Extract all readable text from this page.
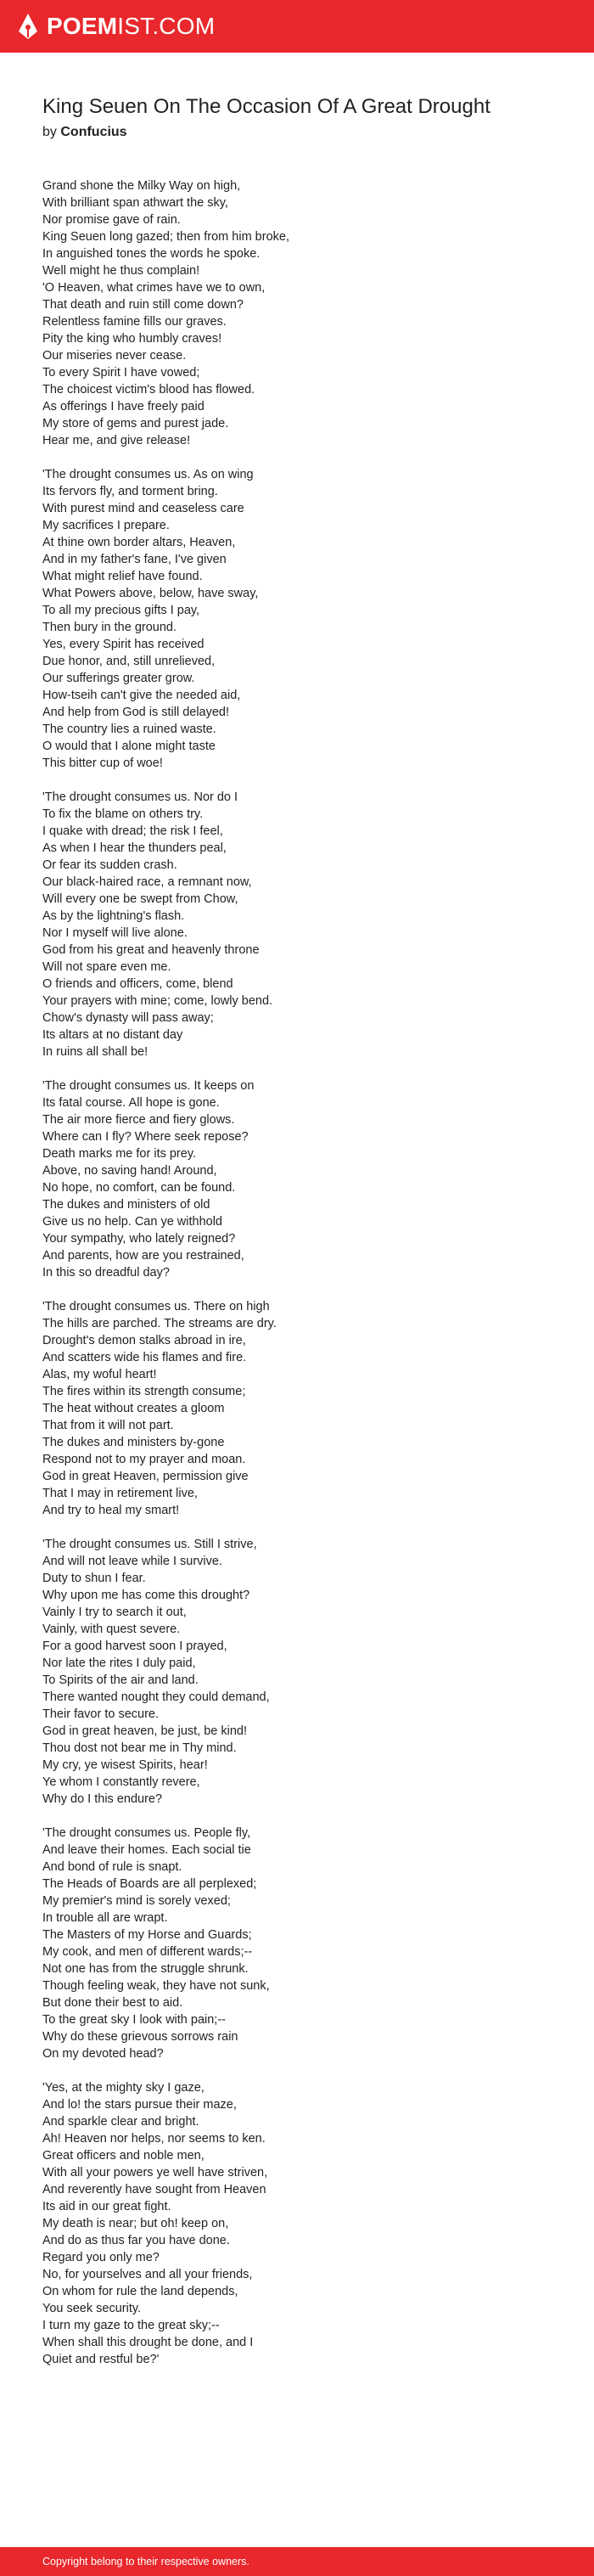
POEMIST.COM
King Seuen On The Occasion Of A Great Drought
by Confucius
Grand shone the Milky Way on high,
With brilliant span athwart the sky,
Nor promise gave of rain.
King Seuen long gazed; then from him broke,
In anguished tones the words he spoke.
Well might he thus complain!
'O Heaven, what crimes have we to own,
That death and ruin still come down?
Relentless famine fills our graves.
Pity the king who humbly craves!
Our miseries never cease.
To every Spirit I have vowed;
The choicest victim's blood has flowed.
As offerings I have freely paid
My store of gems and purest jade.
Hear me, and give release!
'The drought consumes us. As on wing
Its fervors fly, and torment bring.
With purest mind and ceaseless care
My sacrifices I prepare.
At thine own border altars, Heaven,
And in my father's fane, I've given
What might relief have found.
What Powers above, below, have sway,
To all my precious gifts I pay,
Then bury in the ground.
Yes, every Spirit has received
Due honor, and, still unrelieved,
Our sufferings greater grow.
How-tseih can't give the needed aid,
And help from God is still delayed!
The country lies a ruined waste.
O would that I alone might taste
This bitter cup of woe!
'The drought consumes us. Nor do I
To fix the blame on others try.
I quake with dread; the risk I feel,
As when I hear the thunders peal,
Or fear its sudden crash.
Our black-haired race, a remnant now,
Will every one be swept from Chow,
As by the lightning's flash.
Nor I myself will live alone.
God from his great and heavenly throne
Will not spare even me.
O friends and officers, come, blend
Your prayers with mine; come, lowly bend.
Chow's dynasty will pass away;
Its altars at no distant day
In ruins all shall be!
'The drought consumes us. It keeps on
Its fatal course. All hope is gone.
The air more fierce and fiery glows.
Where can I fly? Where seek repose?
Death marks me for its prey.
Above, no saving hand! Around,
No hope, no comfort, can be found.
The dukes and ministers of old
Give us no help. Can ye withhold
Your sympathy, who lately reigned?
And parents, how are you restrained,
In this so dreadful day?
'The drought consumes us. There on high
The hills are parched. The streams are dry.
Drought's demon stalks abroad in ire,
And scatters wide his flames and fire.
Alas, my woful heart!
The fires within its strength consume;
The heat without creates a gloom
That from it will not part.
The dukes and ministers by-gone
Respond not to my prayer and moan.
God in great Heaven, permission give
That I may in retirement live,
And try to heal my smart!
'The drought consumes us. Still I strive,
And will not leave while I survive.
Duty to shun I fear.
Why upon me has come this drought?
Vainly I try to search it out,
Vainly, with quest severe.
For a good harvest soon I prayed,
Nor late the rites I duly paid,
To Spirits of the air and land.
There wanted nought they could demand,
Their favor to secure.
God in great heaven, be just, be kind!
Thou dost not bear me in Thy mind.
My cry, ye wisest Spirits, hear!
Ye whom I constantly revere,
Why do I this endure?
'The drought consumes us. People fly,
And leave their homes. Each social tie
And bond of rule is snapt.
The Heads of Boards are all perplexed;
My premier's mind is sorely vexed;
In trouble all are wrapt.
The Masters of my Horse and Guards;
My cook, and men of different wards;--
Not one has from the struggle shrunk.
Though feeling weak, they have not sunk,
But done their best to aid.
To the great sky I look with pain;--
Why do these grievous sorrows rain
On my devoted head?
'Yes, at the mighty sky I gaze,
And lo! the stars pursue their maze,
And sparkle clear and bright.
Ah! Heaven nor helps, nor seems to ken.
Great officers and noble men,
With all your powers ye well have striven,
And reverently have sought from Heaven
Its aid in our great fight.
My death is near; but oh! keep on,
And do as thus far you have done.
Regard you only me?
No, for yourselves and all your friends,
On whom for rule the land depends,
You seek security.
I turn my gaze to the great sky;--
When shall this drought be done, and I
Quiet and restful be?'
Copyright belong to their respective owners.
